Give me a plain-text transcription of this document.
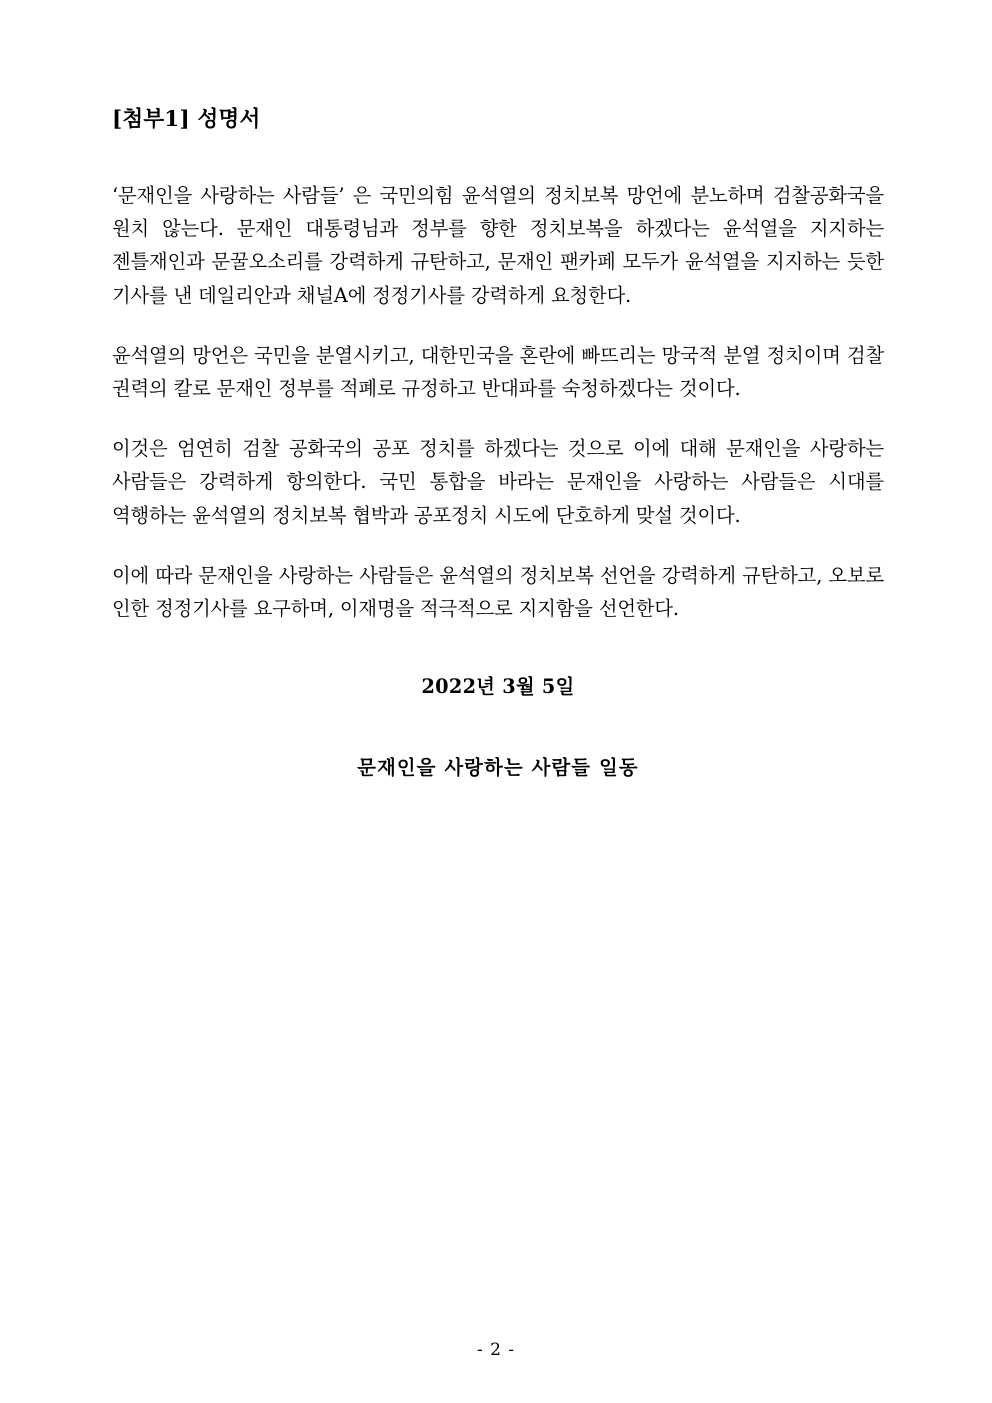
[첨부1] 성명서

‘문재인을 사랑하는 사람들’ 은 국민의힘 윤석열의 정치보복 망언에 분노하며 검찰공화국을 원치 않는다. 문재인 대통령님과 정부를 향한 정치보복을 하겠다는 윤석열을 지지하는 젠틀재인과 문꿀오소리를 강력하게 규탄하고, 문재인 팬카페 모두가 윤석열을 지지하는 듯한 기사를 낸 데일리안과 채널A에 정정기사를 강력하게 요청한다.

윤석열의 망언은 국민을 분열시키고, 대한민국을 혼란에 빠뜨리는 망국적 분열 정치이며 검찰 권력의 칼로 문재인 정부를 적폐로 규정하고 반대파를 숙청하겠다는 것이다.

이것은 엄연히 검찰 공화국의 공포 정치를 하겠다는 것으로 이에 대해 문재인을 사랑하는 사람들은 강력하게 항의한다. 국민 통합을 바라는 문재인을 사랑하는 사람들은 시대를 역행하는 윤석열의 정치보복 협박과 공포정치 시도에 단호하게 맞설 것이다.

이에 따라 문재인을 사랑하는 사람들은 윤석열의 정치보복 선언을 강력하게 규탄하고, 오보로 인한 정정기사를 요구하며, 이재명을 적극적으로 지지함을 선언한다.

2022년 3월 5일

문재인을 사랑하는 사람들 일동

- 2 -
